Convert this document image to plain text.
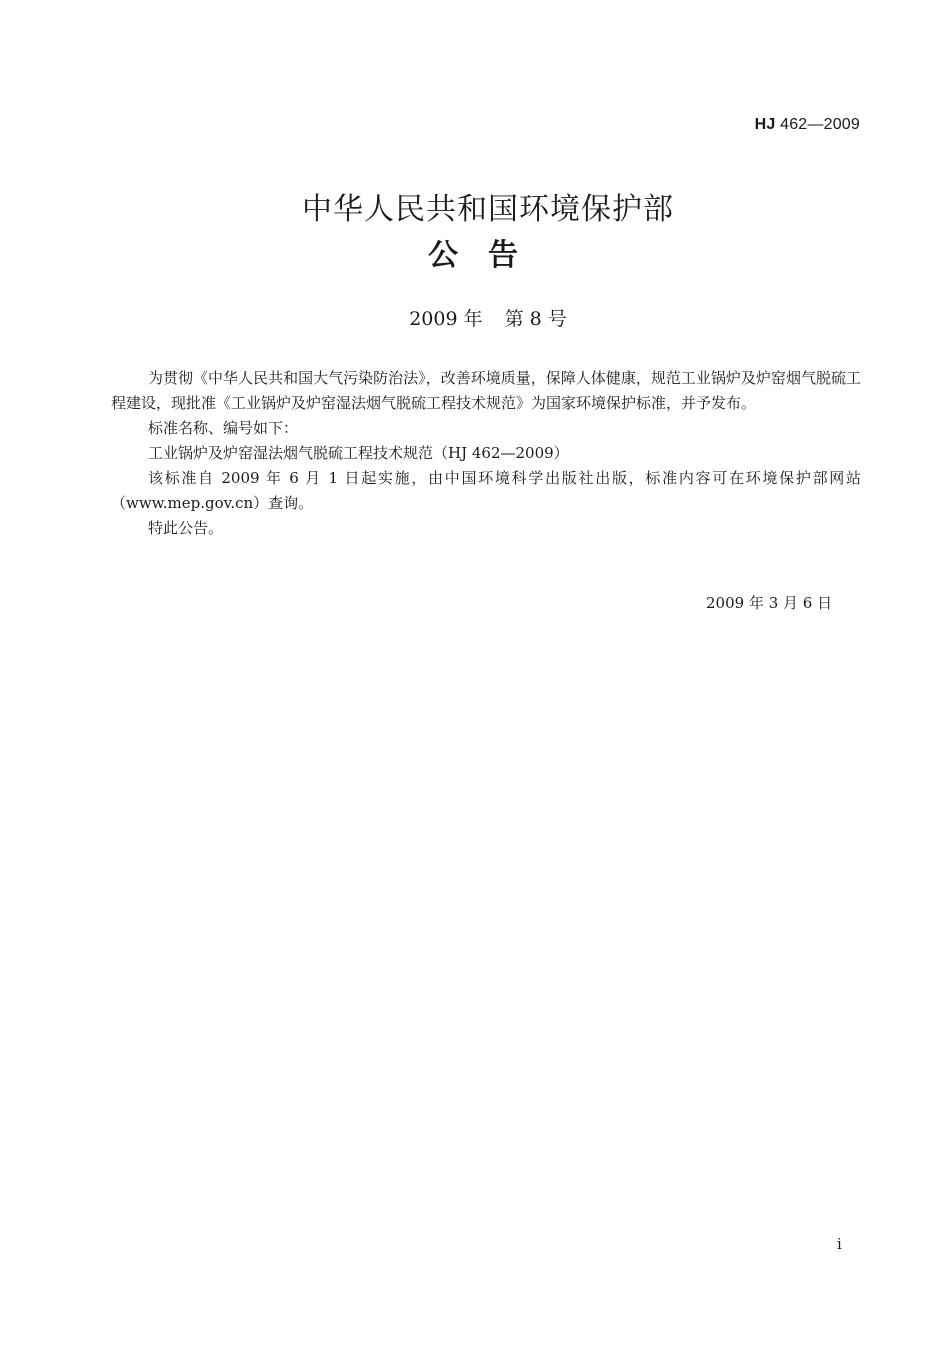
HJ 462—2009
中华人民共和国环境保护部
公告
2009 年 第 8 号

为贯彻《中华人民共和国大气污染防治法》，改善环境质量，保障人体健康，规范工业锅炉及炉窑烟气脱硫工程建设，现批准《工业锅炉及炉窑湿法烟气脱硫工程技术规范》为国家环境保护标准，并予发布。

标准名称、编号如下：

工业锅炉及炉窑湿法烟气脱硫工程技术规范（HJ 462—2009）

该标准自 2009 年 6 月 1 日起实施，由中国环境科学出版社出版，标准内容可在环境保护部网站（www.mep.gov.cn）查询。

特此公告。

2009 年 3 月 6 日
i
